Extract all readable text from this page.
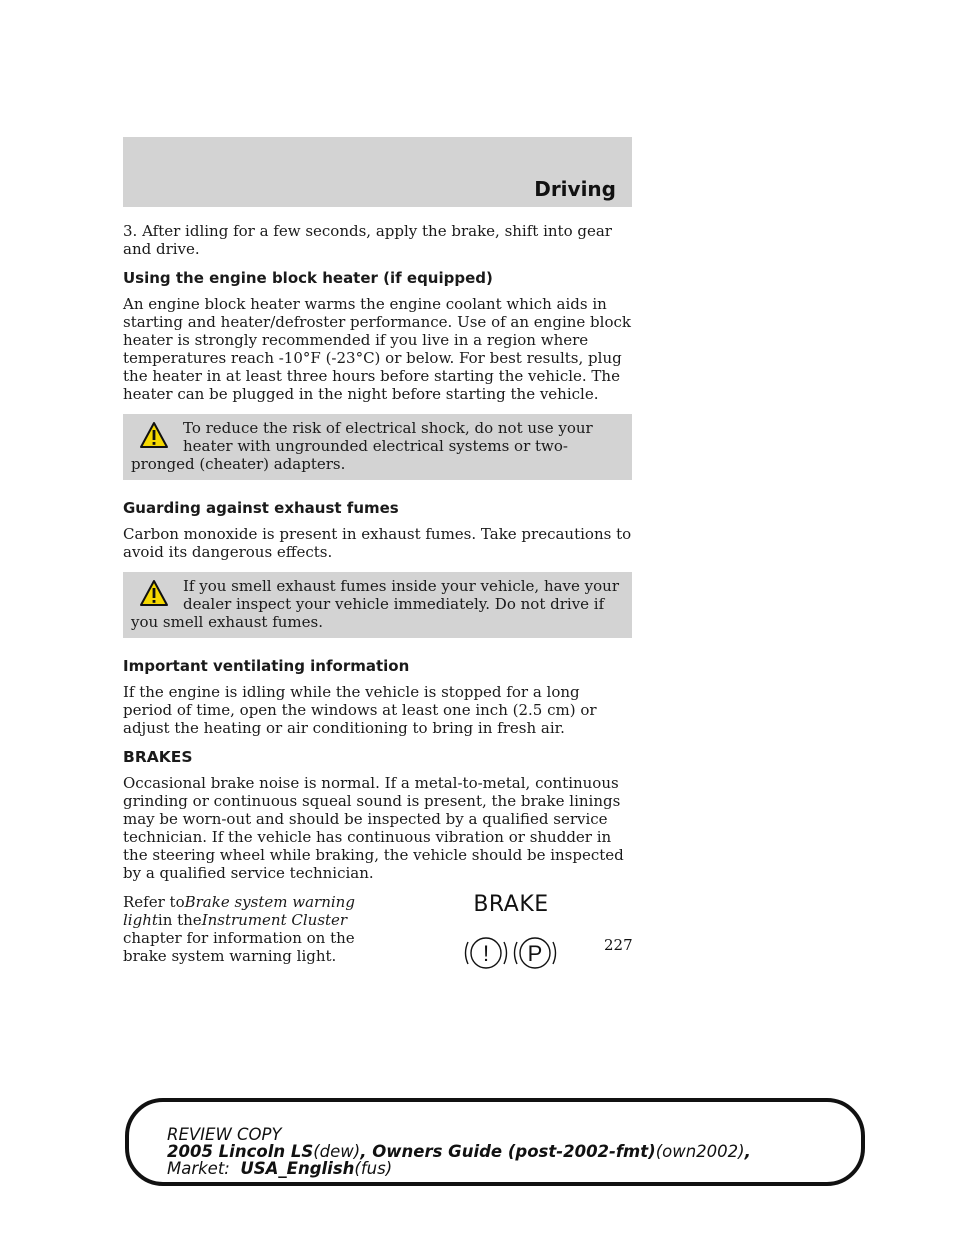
Driving

3. After idling for a few seconds, apply the brake, shift into gear and drive.

Using the engine block heater (if equipped)

An engine block heater warms the engine coolant which aids in starting and heater/defroster performance. Use of an engine block heater is strongly recommended if you live in a region where temperatures reach -10°F (-23°C) or below. For best results, plug the heater in at least three hours before starting the vehicle. The heater can be plugged in the night before starting the vehicle.

To reduce the risk of electrical shock, do not use your heater with ungrounded electrical systems or two-pronged (cheater) adapters.
Guarding against exhaust fumes

Carbon monoxide is present in exhaust fumes. Take precautions to avoid its dangerous effects.

If you smell exhaust fumes inside your vehicle, have your dealer inspect your vehicle immediately. Do not drive if you smell exhaust fumes.
Important ventilating information

If the engine is idling while the vehicle is stopped for a long period of time, open the windows at least one inch (2.5 cm) or adjust the heating or air conditioning to bring in fresh air.

BRAKES

Occasional brake noise is normal. If a metal-to-metal, continuous grinding or continuous squeal sound is present, the brake linings may be worn-out and should be inspected by a qualified service technician. If the vehicle has continuous vibration or shudder in the steering wheel while braking, the vehicle should be inspected by a qualified service technician.

Refer toBrake system warning lightin theInstrument Cluster chapter for information on the brake system warning light.
BRAKE
! P	227
REVIEW COPY
2005 Lincoln LS(dew), Owners Guide (post-2002-fmt)(own2002),
Market: USA_English(fus)
